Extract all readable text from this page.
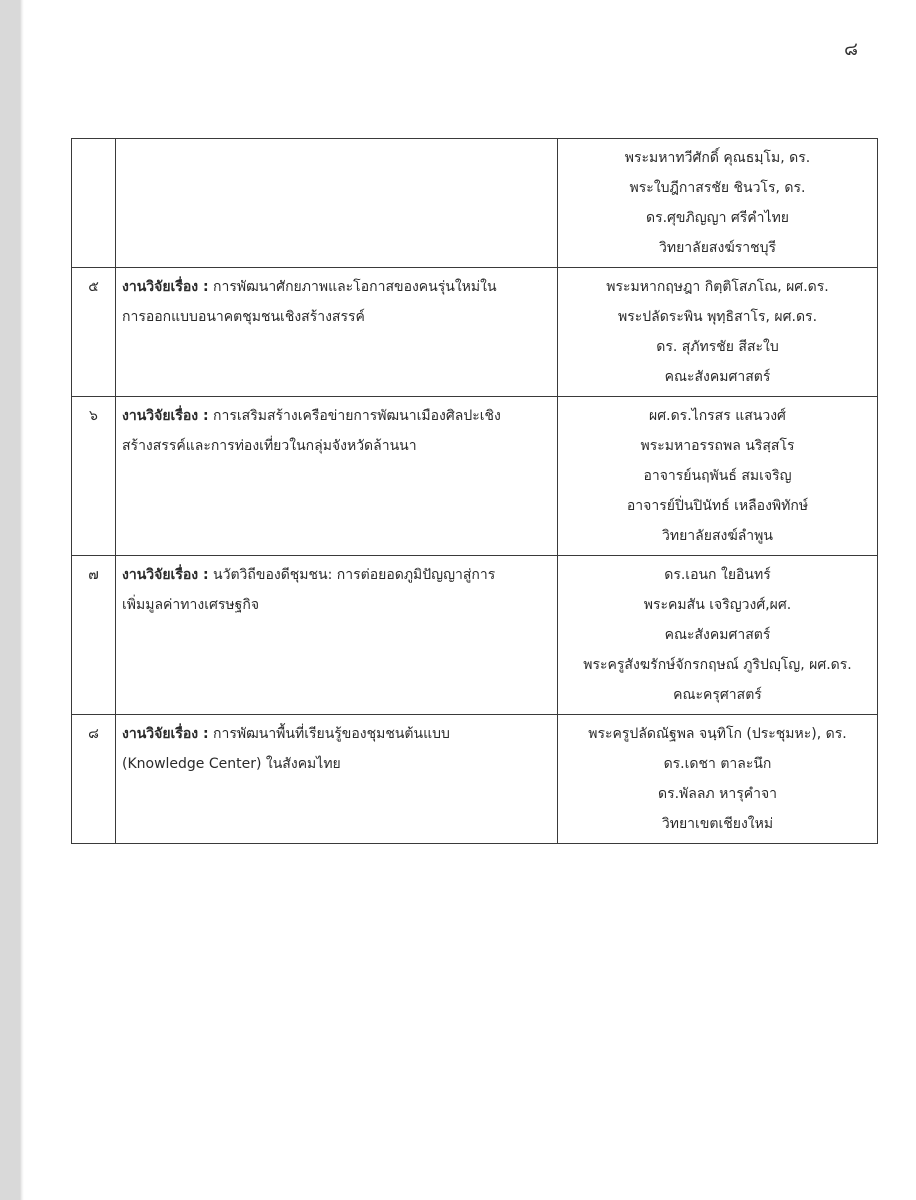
๘

		พระมหาทวีศักดิ์ คุณธมฺโม, ดร.
พระใบฎีกาสรชัย ชินวโร, ดร.
ดร.ศุขภิญญา ศรีคำไทย
วิทยาลัยสงฆ์ราชบุรี

๕	งานวิจัยเรื่อง : การพัฒนาศักยภาพและโอกาสของคนรุ่นใหม่ใน
การออกแบบอนาคตชุมชนเชิงสร้างสรรค์	พระมหากฤษฎา กิตฺติโสภโณ, ผศ.ดร.
พระปลัดระพิน พุทฺธิสาโร, ผศ.ดร.
ดร. สุภัทรชัย สีสะใบ
คณะสังคมศาสตร์

๖	งานวิจัยเรื่อง : การเสริมสร้างเครือข่ายการพัฒนาเมืองศิลปะเชิง
สร้างสรรค์และการท่องเที่ยวในกลุ่มจังหวัดล้านนา	ผศ.ดร.ไกรสร แสนวงศ์
พระมหาอรรถพล นริสฺสโร
อาจารย์นฤพันธ์ สมเจริญ
อาจารย์ปิ่นปินัทธ์ เหลืองพิทักษ์
วิทยาลัยสงฆ์ลำพูน

๗	งานวิจัยเรื่อง : นวัตวิถีของดีชุมชน: การต่อยอดภูมิปัญญาสู่การ
เพิ่มมูลค่าทางเศรษฐกิจ	ดร.เอนก ใยอินทร์
พระคมสัน เจริญวงศ์,ผศ.
คณะสังคมศาสตร์
พระครูสังฆรักษ์จักรกฤษณ์ ภูริปญฺโญ, ผศ.ดร.
คณะครุศาสตร์

๘	งานวิจัยเรื่อง : การพัฒนาพื้นที่เรียนรู้ของชุมชนต้นแบบ
(Knowledge Center) ในสังคมไทย	พระครูปลัดณัฐพล จนฺทิโก (ประชุมหะ), ดร.
ดร.เดชา ตาละนึก
ดร.พัลลภ หารุคำจา
วิทยาเขตเชียงใหม่
